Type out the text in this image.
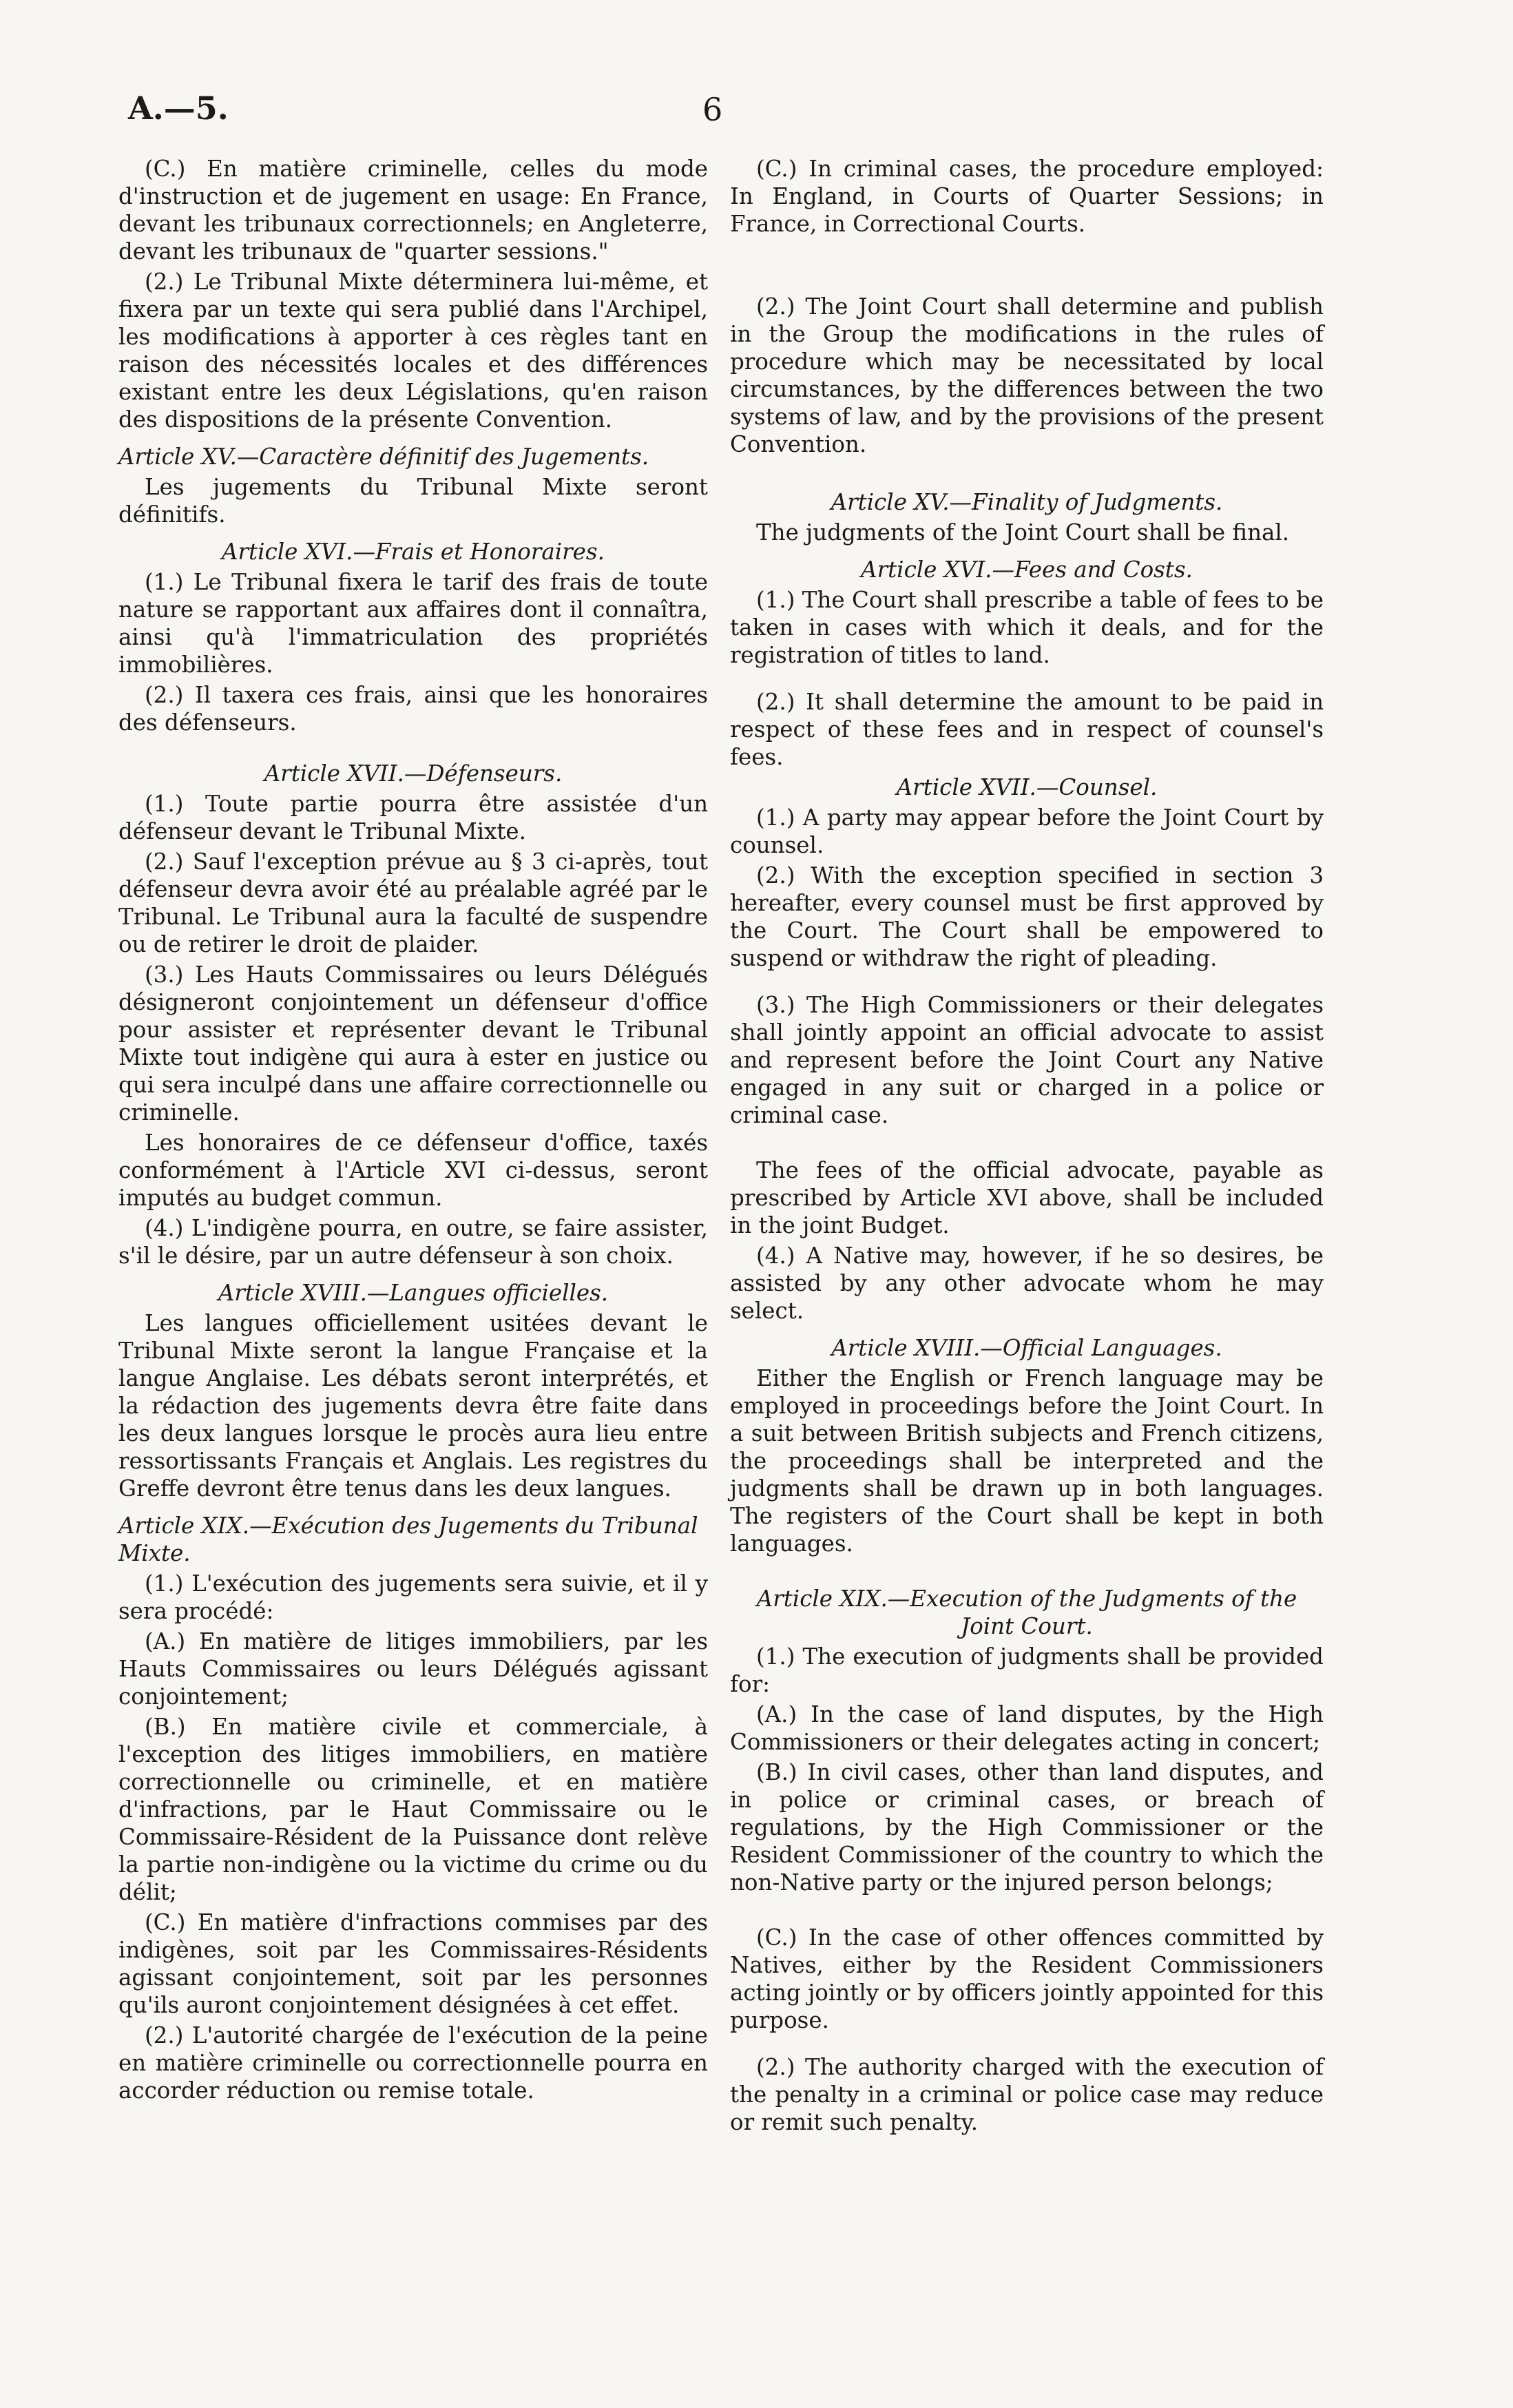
A.—5.	6

(C.) En matière criminelle, celles du mode d'instruction et de jugement en usage: En France, devant les tribunaux correctionnels; en Angleterre, devant les tribunaux de "quarter sessions."

(2.) Le Tribunal Mixte déterminera lui-même, et fixera par un texte qui sera publié dans l'Archipel, les modifications à apporter à ces règles tant en raison des nécessités locales et des différences existant entre les deux Législations, qu'en raison des dispositions de la présente Convention.

Article XV.—Caractère définitif des Jugements.

Les jugements du Tribunal Mixte seront définitifs.

Article XVI.—Frais et Honoraires.

(1.) Le Tribunal fixera le tarif des frais de toute nature se rapportant aux affaires dont il connaîtra, ainsi qu'à l'immatriculation des propriétés immobilières.

(2.) Il taxera ces frais, ainsi que les honoraires des défenseurs.

Article XVII.—Défenseurs.

(1.) Toute partie pourra être assistée d'un défenseur devant le Tribunal Mixte.

(2.) Sauf l'exception prévue au § 3 ci-après, tout défenseur devra avoir été au préalable agréé par le Tribunal. Le Tribunal aura la faculté de suspendre ou de retirer le droit de plaider.

(3.) Les Hauts Commissaires ou leurs Délégués désigneront conjointement un défenseur d'office pour assister et représenter devant le Tribunal Mixte tout indigène qui aura à ester en justice ou qui sera inculpé dans une affaire correctionnelle ou criminelle.

Les honoraires de ce défenseur d'office, taxés conformément à l'Article XVI ci-dessus, seront imputés au budget commun.

(4.) L'indigène pourra, en outre, se faire assister, s'il le désire, par un autre défenseur à son choix.

Article XVIII.—Langues officielles.

Les langues officiellement usitées devant le Tribunal Mixte seront la langue Française et la langue Anglaise. Les débats seront interprétés, et la rédaction des jugements devra être faite dans les deux langues lorsque le procès aura lieu entre ressortissants Français et Anglais. Les registres du Greffe devront être tenus dans les deux langues.

Article XIX.—Exécution des Jugements du Tribunal Mixte.

(1.) L'exécution des jugements sera suivie, et il y sera procédé:

(A.) En matière de litiges immobiliers, par les Hauts Commissaires ou leurs Délégués agissant conjointement;

(B.) En matière civile et commerciale, à l'exception des litiges immobiliers, en matière correctionnelle ou criminelle, et en matière d'infractions, par le Haut Commissaire ou le Commissaire-Résident de la Puissance dont relève la partie non-indigène ou la victime du crime ou du délit;

(C.) En matière d'infractions commises par des indigènes, soit par les Commissaires-Résidents agissant conjointement, soit par les personnes qu'ils auront conjointement désignées à cet effet.

(2.) L'autorité chargée de l'exécution de la peine en matière criminelle ou correctionnelle pourra en accorder réduction ou remise totale.

(C.) In criminal cases, the procedure employed: In England, in Courts of Quarter Sessions; in France, in Correctional Courts.

(2.) The Joint Court shall determine and publish in the Group the modifications in the rules of procedure which may be necessitated by local circumstances, by the differences between the two systems of law, and by the provisions of the present Convention.

Article XV.—Finality of Judgments.

The judgments of the Joint Court shall be final.

Article XVI.—Fees and Costs.

(1.) The Court shall prescribe a table of fees to be taken in cases with which it deals, and for the registration of titles to land.

(2.) It shall determine the amount to be paid in respect of these fees and in respect of counsel's fees.

Article XVII.—Counsel.

(1.) A party may appear before the Joint Court by counsel.

(2.) With the exception specified in section 3 hereafter, every counsel must be first approved by the Court. The Court shall be empowered to suspend or withdraw the right of pleading.

(3.) The High Commissioners or their delegates shall jointly appoint an official advocate to assist and represent before the Joint Court any Native engaged in any suit or charged in a police or criminal case.

The fees of the official advocate, payable as prescribed by Article XVI above, shall be included in the joint Budget.

(4.) A Native may, however, if he so desires, be assisted by any other advocate whom he may select.

Article XVIII.—Official Languages.

Either the English or French language may be employed in proceedings before the Joint Court. In a suit between British subjects and French citizens, the proceedings shall be interpreted and the judgments shall be drawn up in both languages. The registers of the Court shall be kept in both languages.

Article XIX.—Execution of the Judgments of the Joint Court.

(1.) The execution of judgments shall be provided for:

(A.) In the case of land disputes, by the High Commissioners or their delegates acting in concert;

(B.) In civil cases, other than land disputes, and in police or criminal cases, or breach of regulations, by the High Commissioner or the Resident Commissioner of the country to which the non-Native party or the injured person belongs;

(C.) In the case of other offences committed by Natives, either by the Resident Commissioners acting jointly or by officers jointly appointed for this purpose.

(2.) The authority charged with the execution of the penalty in a criminal or police case may reduce or remit such penalty.
